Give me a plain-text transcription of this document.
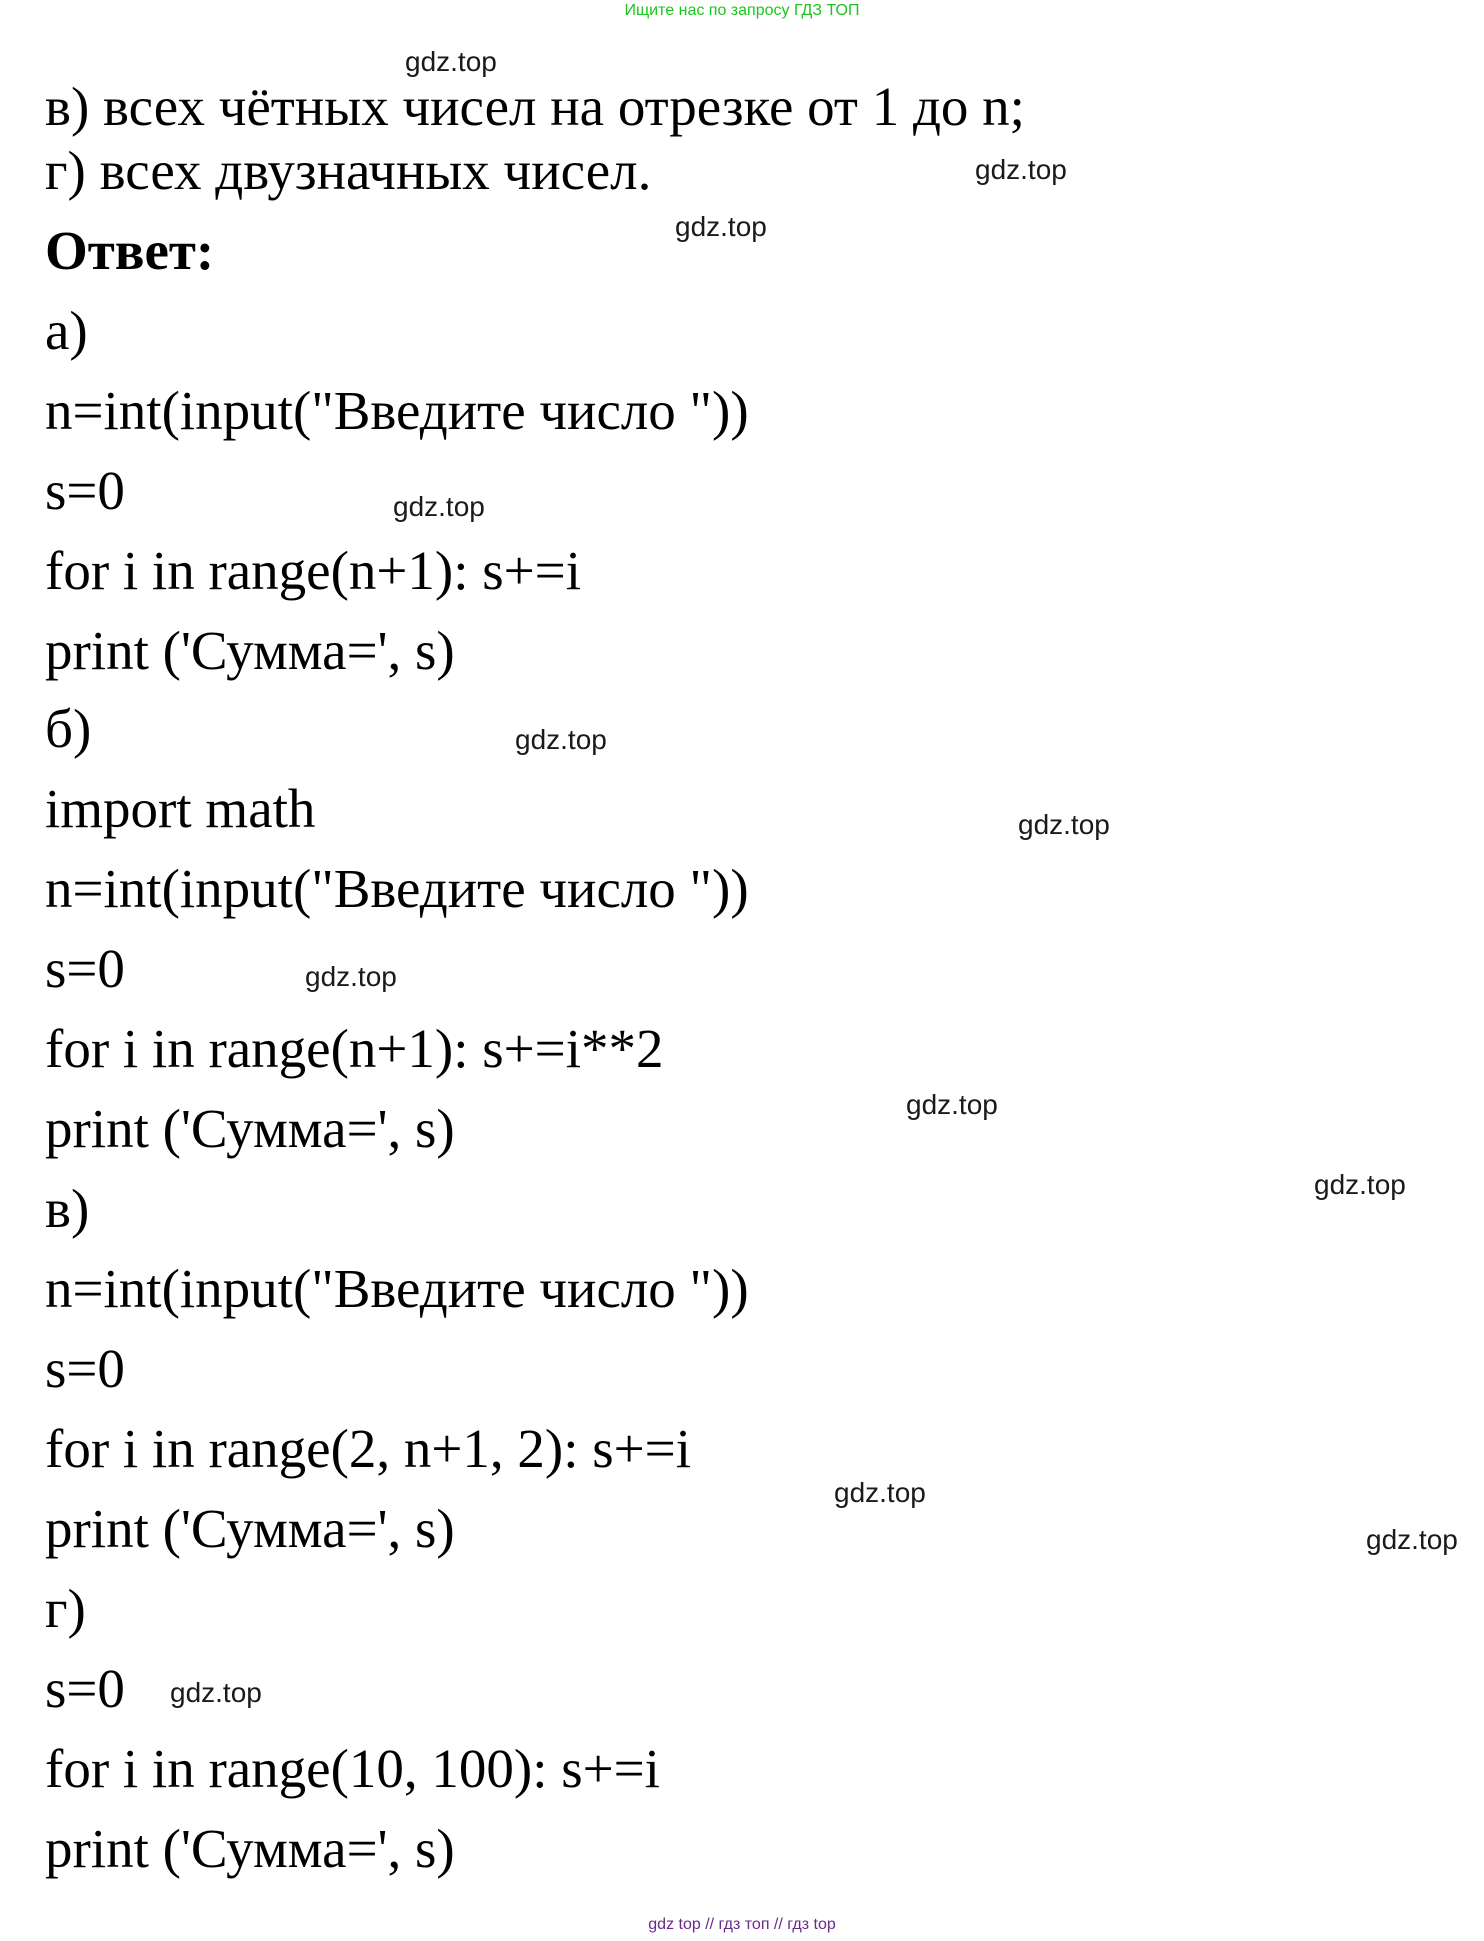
Ищите нас по запросу ГДЗ ТОП
в) всех чётных чисел на отрезке от 1 до n;
г) всех двузначных чисел.
Ответ:
а)
n=int(input("Введите число "))
s=0
for i in range(n+1): s+=i
print ('Сумма=', s)
б)
import math
n=int(input("Введите число "))
s=0
for i in range(n+1): s+=i**2
print ('Сумма=', s)
в)
n=int(input("Введите число "))
s=0
for i in range(2, n+1, 2): s+=i
print ('Сумма=', s)
г)
s=0
for i in range(10, 100): s+=i
print ('Сумма=', s)
gdz.top
gdz.top
gdz.top
gdz.top
gdz.top
gdz.top
gdz.top
gdz.top
gdz.top
gdz.top
gdz.top
gdz.top
gdz top // гдз топ // гдз top
